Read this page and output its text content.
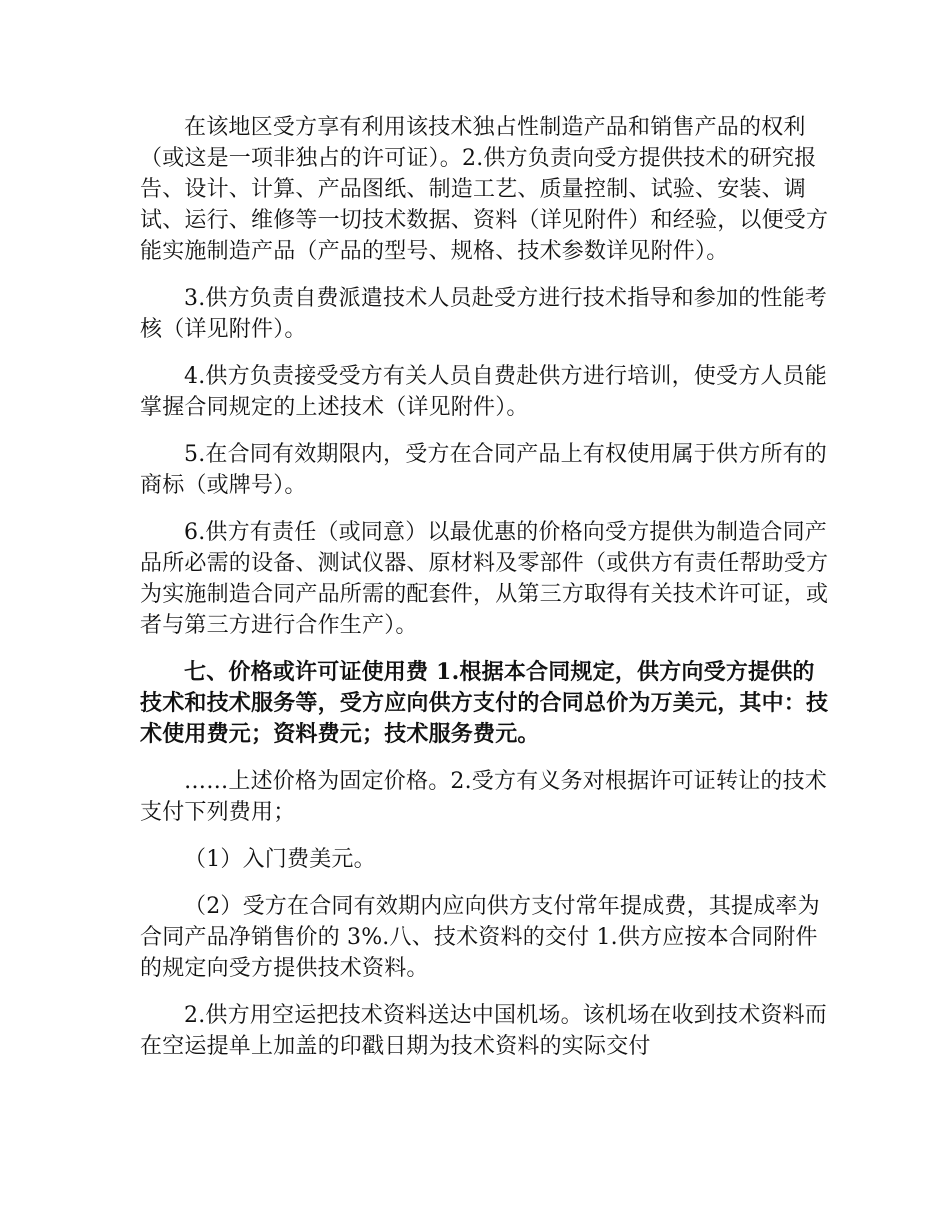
在该地区受方享有利用该技术独占性制造产品和销售产品的权利（或这是一项非独占的许可证）。2.供方负责向受方提供技术的研究报告、设计、计算、产品图纸、制造工艺、质量控制、试验、安装、调试、运行、维修等一切技术数据、资料（详见附件）和经验，以便受方能实施制造产品（产品的型号、规格、技术参数详见附件）。

3.供方负责自费派遣技术人员赴受方进行技术指导和参加的性能考核（详见附件）。

4.供方负责接受受方有关人员自费赴供方进行培训，使受方人员能掌握合同规定的上述技术（详见附件）。

5.在合同有效期限内，受方在合同产品上有权使用属于供方所有的商标（或牌号）。

6.供方有责任（或同意）以最优惠的价格向受方提供为制造合同产品所必需的设备、测试仪器、原材料及零部件（或供方有责任帮助受方为实施制造合同产品所需的配套件，从第三方取得有关技术许可证，或者与第三方进行合作生产）。

七、价格或许可证使用费 1.根据本合同规定，供方向受方提供的技术和技术服务等，受方应向供方支付的合同总价为万美元，其中：技术使用费元；资料费元；技术服务费元。

……上述价格为固定价格。2.受方有义务对根据许可证转让的技术支付下列费用；

（1）入门费美元。

（2）受方在合同有效期内应向供方支付常年提成费，其提成率为合同产品净销售价的 3%.八、技术资料的交付 1.供方应按本合同附件的规定向受方提供技术资料。

2.供方用空运把技术资料送达中国机场。该机场在收到技术资料而在空运提单上加盖的印戳日期为技术资料的实际交付
